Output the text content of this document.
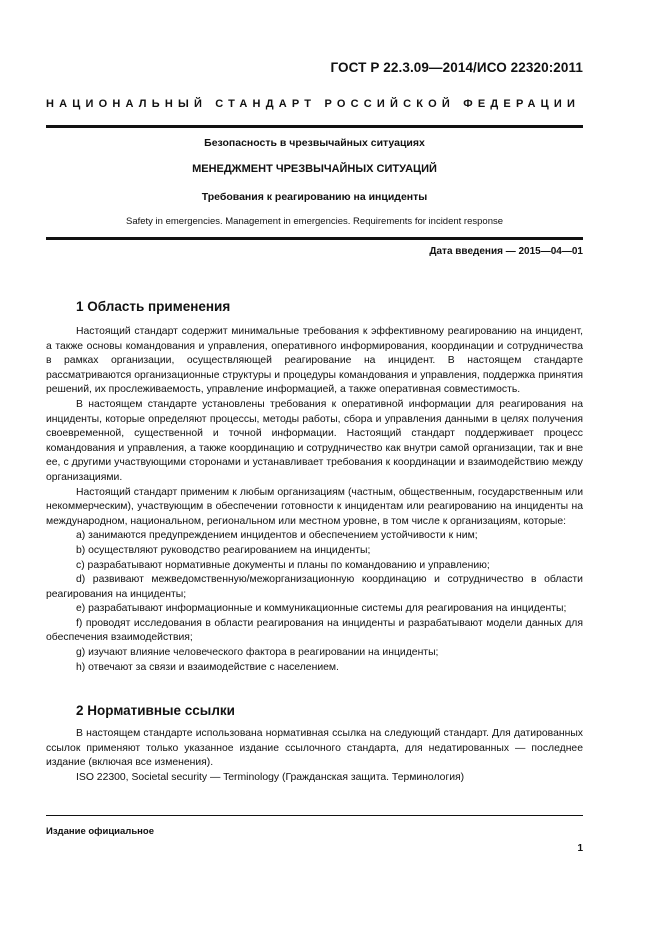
ГОСТ Р 22.3.09—2014/ИСО 22320:2011
НАЦИОНАЛЬНЫЙ СТАНДАРТ РОССИЙСКОЙ ФЕДЕРАЦИИ
Безопасность в чрезвычайных ситуациях
МЕНЕДЖМЕНТ ЧРЕЗВЫЧАЙНЫХ СИТУАЦИЙ
Требования к реагированию на инциденты
Safety in emergencies. Management in emergencies. Requirements for incident response
Дата введения — 2015—04—01
1 Область применения

Настоящий стандарт содержит минимальные требования к эффективному реагированию на инцидент, а также основы командования и управления, оперативного информирования, координации и сотрудничества в рамках организации, осуществляющей реагирование на инцидент. В настоящем стандарте рассматриваются организационные структуры и процедуры командования и управления, поддержка принятия решений, их прослеживаемость, управление информацией, а также оперативная совместимость.

В настоящем стандарте установлены требования к оперативной информации для реагирования на инциденты, которые определяют процессы, методы работы, сбора и управления данными в целях получения своевременной, существенной и точной информации. Настоящий стандарт поддерживает процесс командования и управления, а также координацию и сотрудничество как внутри самой организации, так и вне ее, с другими участвующими сторонами и устанавливает требования к координации и взаимодействию между организациями.

Настоящий стандарт применим к любым организациям (частным, общественным, государственным или некоммерческим), участвующим в обеспечении готовности к инцидентам или реагированию на инциденты на международном, национальном, региональном или местном уровне, в том числе к организациям, которые:

a) занимаются предупреждением инцидентов и обеспечением устойчивости к ним;

b) осуществляют руководство реагированием на инциденты;

c) разрабатывают нормативные документы и планы по командованию и управлению;

d) развивают межведомственную/межорганизационную координацию и сотрудничество в области реагирования на инциденты;

e) разрабатывают информационные и коммуникационные системы для реагирования на инциденты;

f) проводят исследования в области реагирования на инциденты и разрабатывают модели данных для обеспечения взаимодействия;

g) изучают влияние человеческого фактора в реагировании на инциденты;

h) отвечают за связи и взаимодействие с населением.

2 Нормативные ссылки

В настоящем стандарте использована нормативная ссылка на следующий стандарт. Для датированных ссылок применяют только указанное издание ссылочного стандарта, для недатированных — последнее издание (включая все изменения).

ISO 22300, Societal security — Terminology (Гражданская защита. Терминология)

Издание официальное
1
